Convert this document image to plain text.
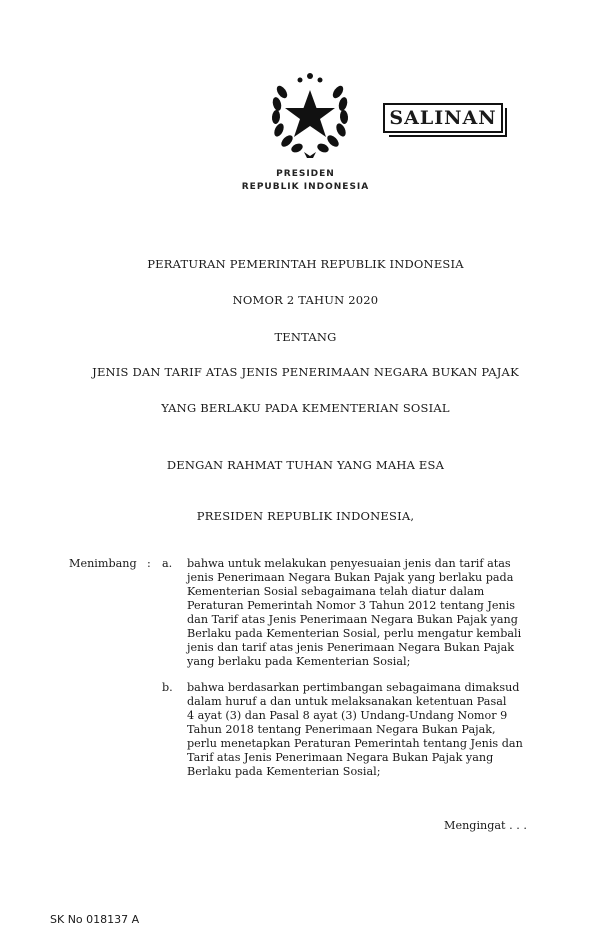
SALINAN
PRESIDEN
REPUBLIK INDONESIA
PERATURAN PEMERINTAH REPUBLIK INDONESIA
NOMOR 2 TAHUN 2020
TENTANG
JENIS DAN TARIF ATAS JENIS PENERIMAAN NEGARA BUKAN PAJAK
YANG BERLAKU PADA KEMENTERIAN SOSIAL
DENGAN RAHMAT TUHAN YANG MAHA ESA
PRESIDEN REPUBLIK INDONESIA,
Menimbang : a. bahwa untuk melakukan penyesuaian jenis dan tarif atas
jenis Penerimaan Negara Bukan Pajak yang berlaku pada
Kementerian Sosial sebagaimana telah diatur dalam
Peraturan Pemerintah Nomor 3 Tahun 2012 tentang Jenis
dan Tarif atas Jenis Penerimaan Negara Bukan Pajak yang
Berlaku pada Kementerian Sosial, perlu mengatur kembali
jenis dan tarif atas jenis Penerimaan Negara Bukan Pajak
yang berlaku pada Kementerian Sosial;
b. bahwa berdasarkan pertimbangan sebagaimana dimaksud
dalam huruf a dan untuk melaksanakan ketentuan Pasal
4 ayat (3) dan Pasal 8 ayat (3) Undang-Undang Nomor 9
Tahun 2018 tentang Penerimaan Negara Bukan Pajak,
perlu menetapkan Peraturan Pemerintah tentang Jenis dan
Tarif atas Jenis Penerimaan Negara Bukan Pajak yang
Berlaku pada Kementerian Sosial;
Mengingat . . .
SK No 018137 A
